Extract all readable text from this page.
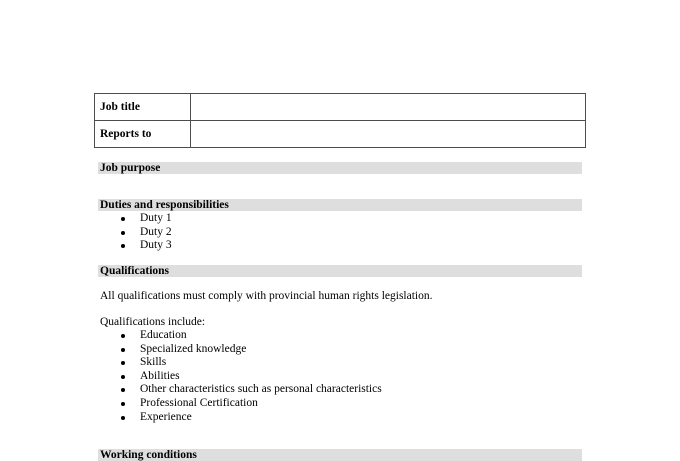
Job title	
Reports to	
Job purpose
Duties and responsibilities
Duty 1
Duty 2
Duty 3
Qualifications
All qualifications must comply with provincial human rights legislation.
Qualifications include:
Education
Specialized knowledge
Skills
Abilities
Other characteristics such as personal characteristics
Professional Certification
Experience
Working conditions
